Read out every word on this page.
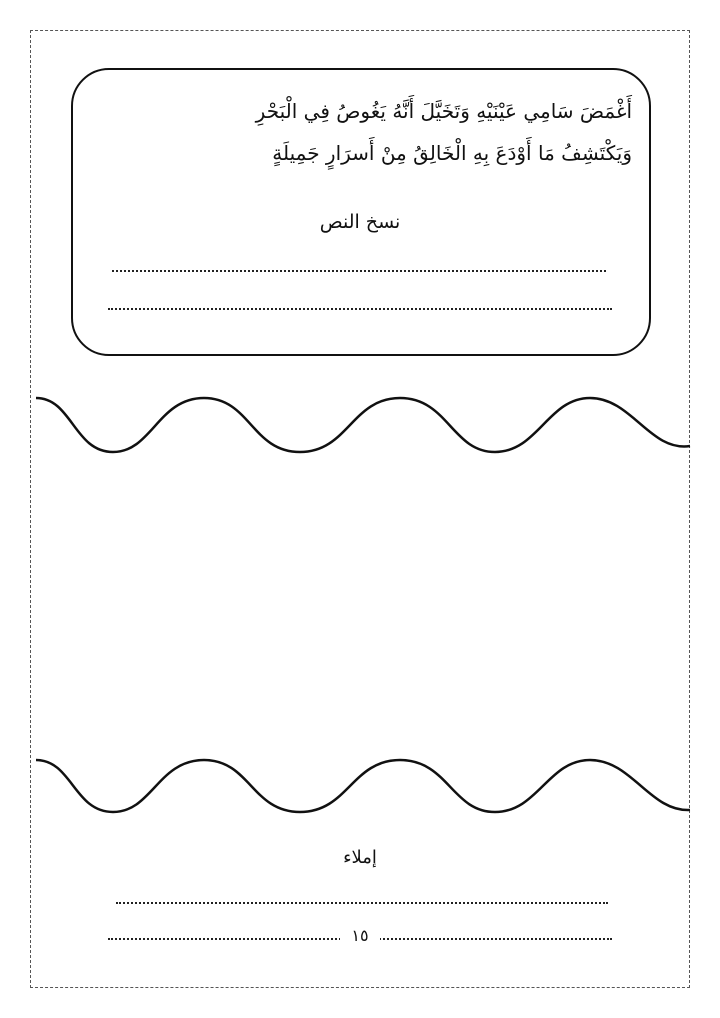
أَغْمَضَ سَامِي عَيْنَيْهِ وَتَخَيَّلَ أَنَّهُ يَغُوصُ فِي الْبَحْرِ
وَيَكْتَشِفُ مَا أَوْدَعَ بِهِ الْخَالِقُ مِنْ أَسرَارٍ جَمِيلَةٍ
نسخ النص
إملاء
١٥
